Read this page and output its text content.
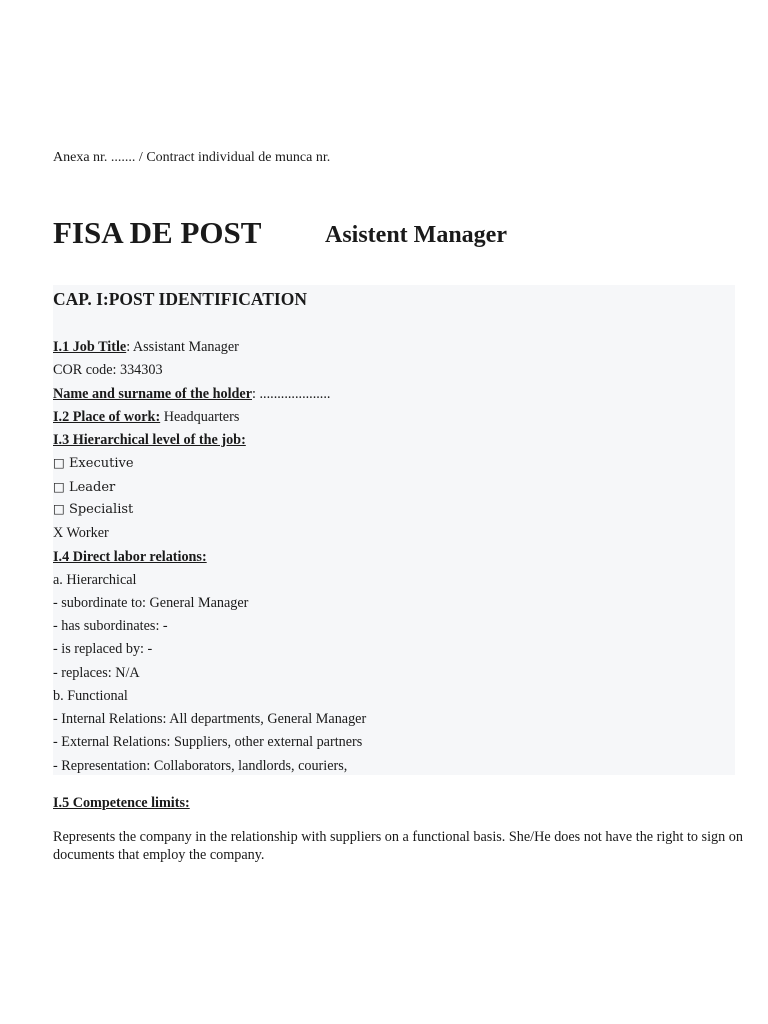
Anexa nr. ....... / Contract individual de munca nr.
FISA DE POST	Asistent Manager
CAP. I:POST IDENTIFICATION
I.1 Job Title: Assistant Manager
COR code: 334303
Name and surname of the holder: ....................
I.2 Place of work: Headquarters
I.3 Hierarchical level of the job:
□ Executive
□ Leader
□ Specialist
X Worker
I.4 Direct labor relations:
a. Hierarchical
- subordinate to: General Manager
- has subordinates: -
- is replaced by: -
- replaces: N/A
b. Functional
- Internal Relations: All departments, General Manager
- External Relations: Suppliers, other external partners
- Representation: Collaborators, landlords, couriers,
I.5 Competence limits:
Represents the company in the relationship with suppliers on a functional basis. She/He does not have the right to sign on documents that employ the company.
